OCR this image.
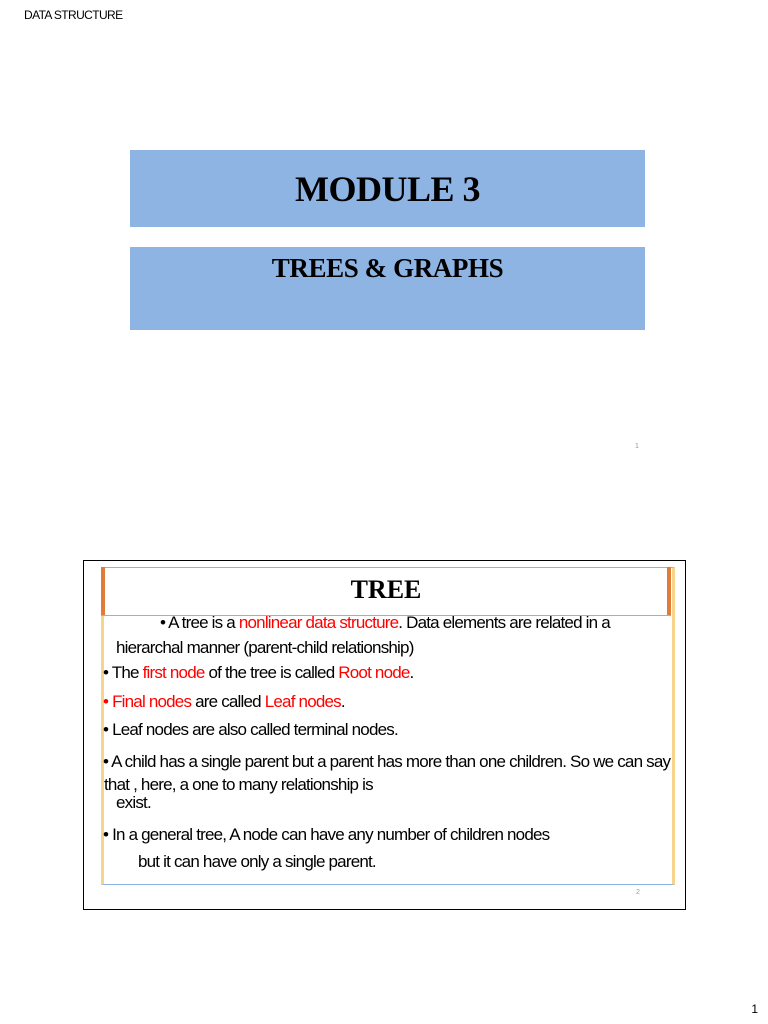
DATA STRUCTURE
MODULE 3
TREES & GRAPHS
1
TREE
• A tree is a nonlinear data structure. Data elements are related in a
hierarchal manner (parent-child relationship)
• The first node of the tree is called Root node.
• Final nodes are called Leaf nodes.
• Leaf nodes are also called terminal nodes.
• A child has a single parent but a parent has more than one children. So we can say
that , here, a one to many relationship is
exist.
• In a general tree, A node can have any number of children nodes
but it can have only a single parent.
2
1
